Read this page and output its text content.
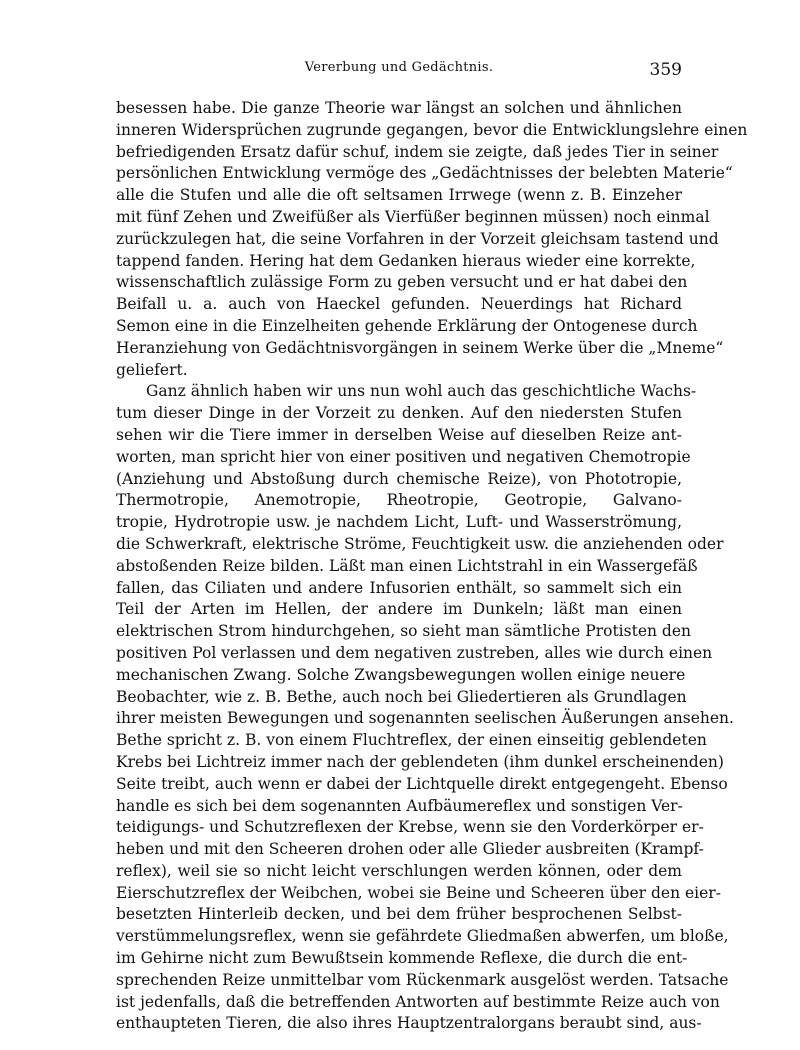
Vererbung und Gedächtnis.	359
besessen habe. Die ganze Theorie war längst an solchen und ähnlichen
inneren Widersprüchen zugrunde gegangen, bevor die Entwicklungslehre einen
befriedigenden Ersatz dafür schuf, indem sie zeigte, daß jedes Tier in seiner
persönlichen Entwicklung vermöge des „Gedächtnisses der belebten Materie“
alle die Stufen und alle die oft seltsamen Irrwege (wenn z. B. Einzeher
mit fünf Zehen und Zweifüßer als Vierfüßer beginnen müssen) noch einmal
zurückzulegen hat, die seine Vorfahren in der Vorzeit gleichsam tastend und
tappend fanden. Hering hat dem Gedanken hieraus wieder eine korrekte,
wissenschaftlich zulässige Form zu geben versucht und er hat dabei den
Beifall u. a. auch von Haeckel gefunden. Neuerdings hat Richard
Semon eine in die Einzelheiten gehende Erklärung der Ontogenese durch
Heranziehung von Gedächtnisvorgängen in seinem Werke über die „Mneme“
geliefert.
Ganz ähnlich haben wir uns nun wohl auch das geschichtliche Wachs-
tum dieser Dinge in der Vorzeit zu denken. Auf den niedersten Stufen
sehen wir die Tiere immer in derselben Weise auf dieselben Reize ant-
worten, man spricht hier von einer positiven und negativen Chemotropie
(Anziehung und Abstoßung durch chemische Reize), von Phototropie,
Thermotropie, Anemotropie, Rheotropie, Geotropie, Galvano-
tropie, Hydrotropie usw. je nachdem Licht, Luft- und Wasserströmung,
die Schwerkraft, elektrische Ströme, Feuchtigkeit usw. die anziehenden oder
abstoßenden Reize bilden. Läßt man einen Lichtstrahl in ein Wassergefäß
fallen, das Ciliaten und andere Infusorien enthält, so sammelt sich ein
Teil der Arten im Hellen, der andere im Dunkeln; läßt man einen
elektrischen Strom hindurchgehen, so sieht man sämtliche Protisten den
positiven Pol verlassen und dem negativen zustreben, alles wie durch einen
mechanischen Zwang. Solche Zwangsbewegungen wollen einige neuere
Beobachter, wie z. B. Bethe, auch noch bei Gliedertieren als Grundlagen
ihrer meisten Bewegungen und sogenannten seelischen Äußerungen ansehen.
Bethe spricht z. B. von einem Fluchtreflex, der einen einseitig geblendeten
Krebs bei Lichtreiz immer nach der geblendeten (ihm dunkel erscheinenden)
Seite treibt, auch wenn er dabei der Lichtquelle direkt entgegengeht. Ebenso
handle es sich bei dem sogenannten Aufbäumereflex und sonstigen Ver-
teidigungs- und Schutzreflexen der Krebse, wenn sie den Vorderkörper er-
heben und mit den Scheeren drohen oder alle Glieder ausbreiten (Krampf-
reflex), weil sie so nicht leicht verschlungen werden können, oder dem
Eierschutzreflex der Weibchen, wobei sie Beine und Scheeren über den eier-
besetzten Hinterleib decken, und bei dem früher besprochenen Selbst-
verstümmelungsreflex, wenn sie gefährdete Gliedmaßen abwerfen, um bloße,
im Gehirne nicht zum Bewußtsein kommende Reflexe, die durch die ent-
sprechenden Reize unmittelbar vom Rückenmark ausgelöst werden. Tatsache
ist jedenfalls, daß die betreffenden Antworten auf bestimmte Reize auch von
enthaupteten Tieren, die also ihres Hauptzentralorgans beraubt sind, aus-
